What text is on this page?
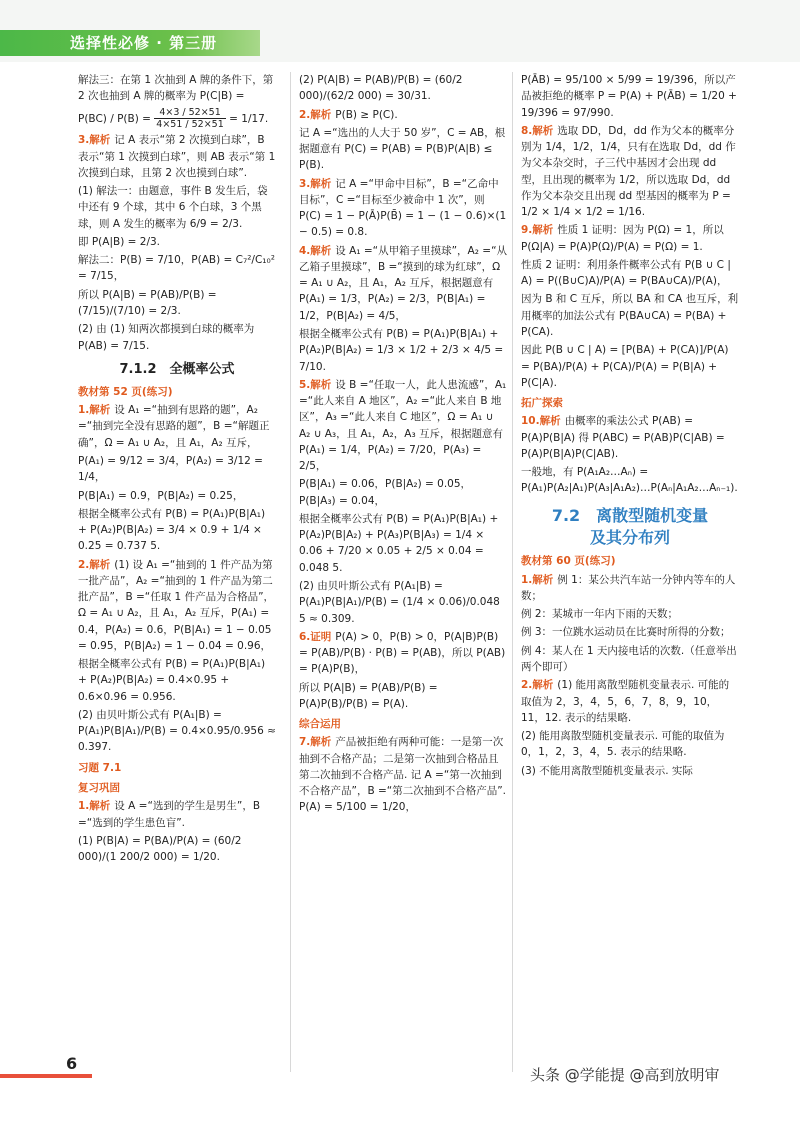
选择性必修 · 第三册

解法三：在第 1 次抽到 A 牌的条件下，第 2 次也抽到 A 牌的概率为 P(C|B) =

$P(BC) / P(B) = \frac{4\times 3 / 52\times 51}{4\times 51 / 52\times 51} = 1/17$.

3.解析 记 A 表示“第 2 次摸到白球”，B 表示“第 1 次摸到白球”，则 AB 表示“第 1 次摸到白球，且第 2 次也摸到白球”.

(1) 解法一：由题意，事件 B 发生后，袋中还有 9 个球，其中 6 个白球，3 个黑球，则 A 发生的概率为 6/9 = 2/3.

即 P(A|B) = 2/3.

解法二：P(B) = 7/10，P(AB) = C₇²/C₁₀² = 7/15，

所以 P(A|B) = P(AB)/P(B) = (7/15)/(7/10) = 2/3.

(2) 由 (1) 知两次都摸到白球的概率为 P(AB) = 7/15.

7.1.2　全概率公式
教材第 52 页(练习)

1.解析 设 A₁ =“抽到有思路的题”，A₂ =“抽到完全没有思路的题”，B =“解题正确”，Ω = A₁ ∪ A₂，且 A₁，A₂ 互斥，

P(A₁) = 9/12 = 3/4，P(A₂) = 3/12 = 1/4，

P(B|A₁) = 0.9，P(B|A₂) = 0.25，

根据全概率公式有 P(B) = P(A₁)P(B|A₁) + P(A₂)P(B|A₂) = 3/4 × 0.9 + 1/4 × 0.25 = 0.737 5.

2.解析 (1) 设 A₁ =“抽到的 1 件产品为第一批产品”，A₂ =“抽到的 1 件产品为第二批产品”，B =“任取 1 件产品为合格品”，Ω = A₁ ∪ A₂，且 A₁，A₂ 互斥，P(A₁) = 0.4，P(A₂) = 0.6，P(B|A₁) = 1 − 0.05 = 0.95，P(B|A₂) = 1 − 0.04 = 0.96，

根据全概率公式有 P(B) = P(A₁)P(B|A₁) + P(A₂)P(B|A₂) = 0.4×0.95 + 0.6×0.96 = 0.956.

(2) 由贝叶斯公式有 P(A₁|B) = P(A₁)P(B|A₁)/P(B) = 0.4×0.95/0.956 ≈ 0.397.

习题 7.1
复习巩固

1.解析 设 A =“选到的学生是男生”，B =“选到的学生患色盲”.

(1) P(B|A) = P(BA)/P(A) = (60/2 000)/(1 200/2 000) = 1/20.

(2) P(A|B) = P(AB)/P(B) = (60/2 000)/(62/2 000) = 30/31.

2.解析 P(B) ≥ P(C).

记 A =“选出的人大于 50 岁”，C = AB，根据题意有 P(C) = P(AB) = P(B)P(A|B) ≤ P(B).

3.解析 记 A =“甲命中目标”，B =“乙命中目标”，C =“目标至少被命中 1 次”，则 P(C) = 1 − P(Ā)P(B̄) = 1 − (1 − 0.6)×(1 − 0.5) = 0.8.

4.解析 设 A₁ =“从甲箱子里摸球”，A₂ =“从乙箱子里摸球”，B =“摸到的球为红球”，Ω = A₁ ∪ A₂，且 A₁，A₂ 互斥，根据题意有 P(A₁) = 1/3，P(A₂) = 2/3，P(B|A₁) = 1/2，P(B|A₂) = 4/5，

根据全概率公式有 P(B) = P(A₁)P(B|A₁) + P(A₂)P(B|A₂) = 1/3 × 1/2 + 2/3 × 4/5 = 7/10.

5.解析 设 B =“任取一人，此人患流感”，A₁ =“此人来自 A 地区”，A₂ =“此人来自 B 地区”，A₃ =“此人来自 C 地区”，Ω = A₁ ∪ A₂ ∪ A₃，且 A₁，A₂，A₃ 互斥，根据题意有 P(A₁) = 1/4，P(A₂) = 7/20，P(A₃) = 2/5，

P(B|A₁) = 0.06，P(B|A₂) = 0.05，P(B|A₃) = 0.04，

根据全概率公式有 P(B) = P(A₁)P(B|A₁) + P(A₂)P(B|A₂) + P(A₃)P(B|A₃) = 1/4 × 0.06 + 7/20 × 0.05 + 2/5 × 0.04 = 0.048 5.

(2) 由贝叶斯公式有 P(A₁|B) = P(A₁)P(B|A₁)/P(B) = (1/4 × 0.06)/0.048 5 ≈ 0.309.

6.证明 P(A) > 0，P(B) > 0，P(A|B)P(B) = P(AB)/P(B) · P(B) = P(AB)，所以 P(AB) = P(A)P(B)，

所以 P(A|B) = P(AB)/P(B) = P(A)P(B)/P(B) = P(A).

综合运用

7.解析 产品被拒绝有两种可能：一是第一次抽到不合格产品；二是第一次抽到合格品且第二次抽到不合格产品. 记 A =“第一次抽到不合格产品”，B =“第二次抽到不合格产品”. P(A) = 5/100 = 1/20，

P(ĀB) = 95/100 × 5/99 = 19/396，所以产品被拒绝的概率 P = P(A) + P(ĀB) = 1/20 + 19/396 = 97/990.

8.解析 选取 DD，Dd，dd 作为父本的概率分别为 1/4，1/2，1/4，只有在选取 Dd，dd 作为父本杂交时，子三代中基因才会出现 dd 型，且出现的概率为 1/2，所以选取 Dd，dd 作为父本杂交且出现 dd 型基因的概率为 P = 1/2 × 1/4 × 1/2 = 1/16.

9.解析 性质 1 证明：因为 P(Ω) = 1，所以 P(Ω|A) = P(A)P(Ω)/P(A) = P(Ω) = 1.

性质 2 证明：利用条件概率公式有 P(B ∪ C | A) = P((B∪C)A)/P(A) = P(BA∪CA)/P(A)，

因为 B 和 C 互斥，所以 BA 和 CA 也互斥，利用概率的加法公式有 P(BA∪CA) = P(BA) + P(CA).

因此 P(B ∪ C | A) = [P(BA) + P(CA)]/P(A) = P(BA)/P(A) + P(CA)/P(A) = P(B|A) + P(C|A).

拓广探索

10.解析 由概率的乘法公式 P(AB) = P(A)P(B|A) 得 P(ABC) = P(AB)P(C|AB) = P(A)P(B|A)P(C|AB).

一般地，有 P(A₁A₂…Aₙ) = P(A₁)P(A₂|A₁)P(A₃|A₁A₂)…P(Aₙ|A₁A₂…Aₙ₋₁).

7.2　离散型随机变量
及其分布列
教材第 60 页(练习)

1.解析 例 1：某公共汽车站一分钟内等车的人数；

例 2：某城市一年内下雨的天数；

例 3：一位跳水运动员在比赛时所得的分数；

例 4：某人在 1 天内接电话的次数.（任意举出两个即可）

2.解析 (1) 能用离散型随机变量表示. 可能的取值为 2，3，4，5，6，7，8，9，10，11，12. 表示的结果略.

(2) 能用离散型随机变量表示. 可能的取值为 0，1，2，3，4，5. 表示的结果略.

(3) 不能用离散型随机变量表示. 实际

6
头条 @学能提 @高到放明审
